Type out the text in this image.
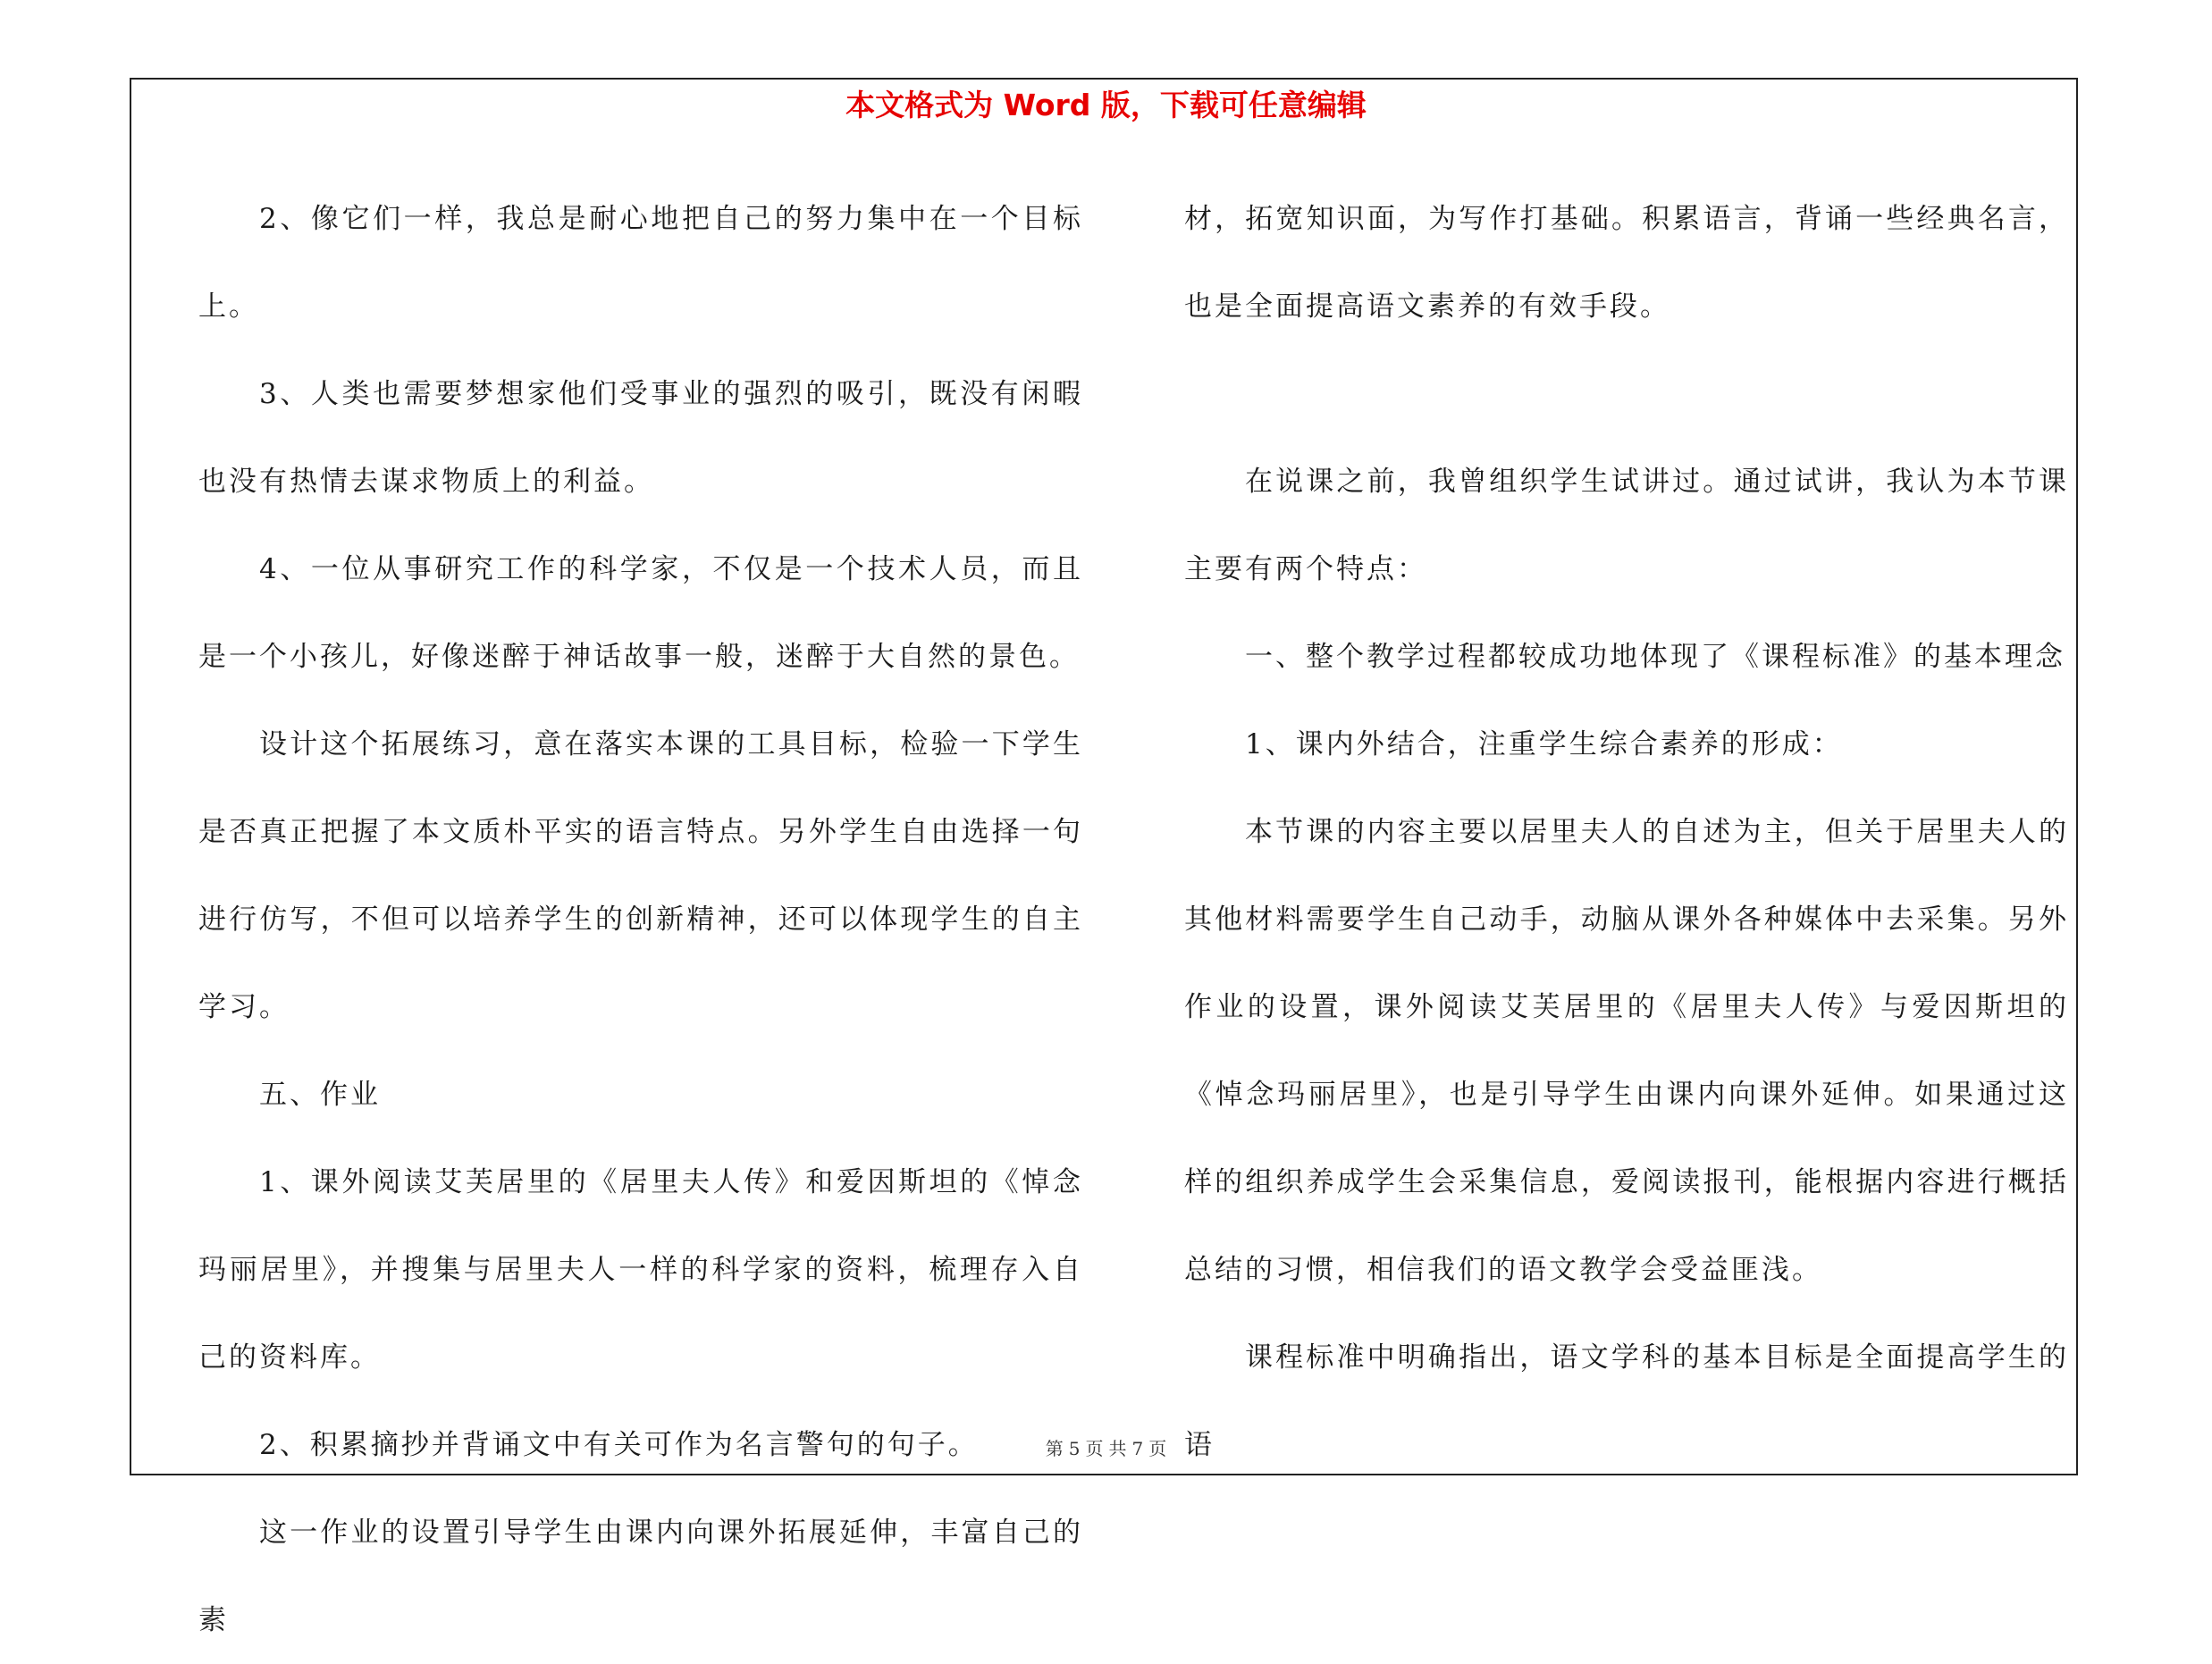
本文格式为 Word 版，下载可任意编辑

2、像它们一样，我总是耐心地把自己的努力集中在一个目标上。

3、人类也需要梦想家他们受事业的强烈的吸引，既没有闲暇也没有热情去谋求物质上的利益。

4、一位从事研究工作的科学家，不仅是一个技术人员，而且是一个小孩儿，好像迷醉于神话故事一般，迷醉于大自然的景色。

设计这个拓展练习，意在落实本课的工具目标，检验一下学生是否真正把握了本文质朴平实的语言特点。另外学生自由选择一句进行仿写，不但可以培养学生的创新精神，还可以体现学生的自主学习。

五、作业

1、课外阅读艾芙居里的《居里夫人传》和爱因斯坦的《悼念玛丽居里》，并搜集与居里夫人一样的科学家的资料，梳理存入自己的资料库。

2、积累摘抄并背诵文中有关可作为名言警句的句子。

这一作业的设置引导学生由课内向课外拓展延伸，丰富自己的素

材，拓宽知识面，为写作打基础。积累语言，背诵一些经典名言，也是全面提高语文素养的有效手段。

在说课之前，我曾组织学生试讲过。通过试讲，我认为本节课主要有两个特点：

一、整个教学过程都较成功地体现了《课程标准》的基本理念

1、课内外结合，注重学生综合素养的形成：

本节课的内容主要以居里夫人的自述为主，但关于居里夫人的其他材料需要学生自己动手，动脑从课外各种媒体中去采集。另外作业的设置，课外阅读艾芙居里的《居里夫人传》与爱因斯坦的《悼念玛丽居里》，也是引导学生由课内向课外延伸。如果通过这样的组织养成学生会采集信息，爱阅读报刊，能根据内容进行概括总结的习惯，相信我们的语文教学会受益匪浅。

课程标准中明确指出，语文学科的基本目标是全面提高学生的语

第 5 页 共 7 页
